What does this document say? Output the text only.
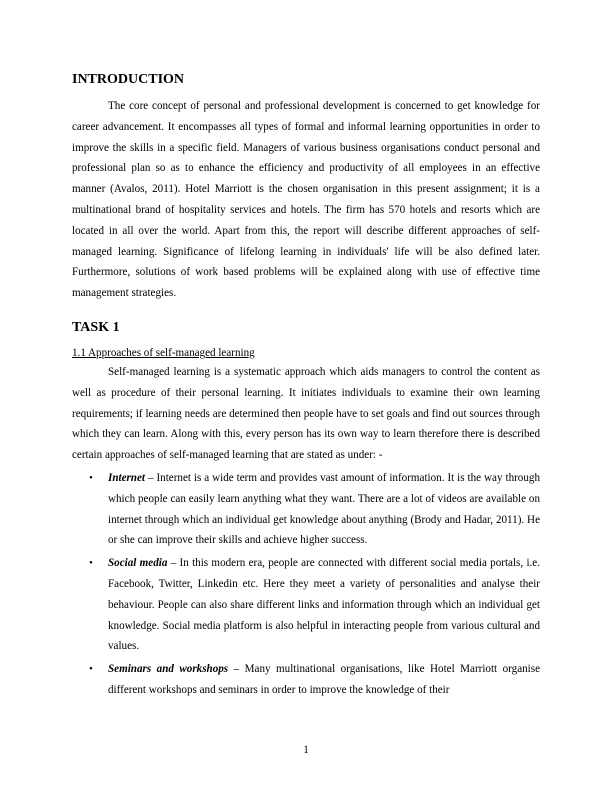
INTRODUCTION

The core concept of personal and professional development is concerned to get knowledge for career advancement. It encompasses all types of formal and informal learning opportunities in order to improve the skills in a specific field. Managers of various business organisations conduct personal and professional plan so as to enhance the efficiency and productivity of all employees in an effective manner (Avalos, 2011). Hotel Marriott is the chosen organisation in this present assignment; it is a multinational brand of hospitality services and hotels. The firm has 570 hotels and resorts which are located in all over the world. Apart from this, the report will describe different approaches of self-managed learning. Significance of lifelong learning in individuals' life will be also defined later. Furthermore, solutions of work based problems will be explained along with use of effective time management strategies.

TASK 1
1.1 Approaches of self-managed learning

Self-managed learning is a systematic approach which aids managers to control the content as well as procedure of their personal learning. It initiates individuals to examine their own learning requirements; if learning needs are determined then people have to set goals and find out sources through which they can learn. Along with this, every person has its own way to learn therefore there is described certain approaches of self-managed learning that are stated as under: -

• Internet – Internet is a wide term and provides vast amount of information. It is the way through which people can easily learn anything what they want. There are a lot of videos are available on internet through which an individual get knowledge about anything (Brody and Hadar, 2011). He or she can improve their skills and achieve higher success.
• Social media – In this modern era, people are connected with different social media portals, i.e. Facebook, Twitter, Linkedin etc. Here they meet a variety of personalities and analyse their behaviour. People can also share different links and information through which an individual get knowledge. Social media platform is also helpful in interacting people from various cultural and values.
• Seminars and workshops – Many multinational organisations, like Hotel Marriott organise different workshops and seminars in order to improve the knowledge of their
1
